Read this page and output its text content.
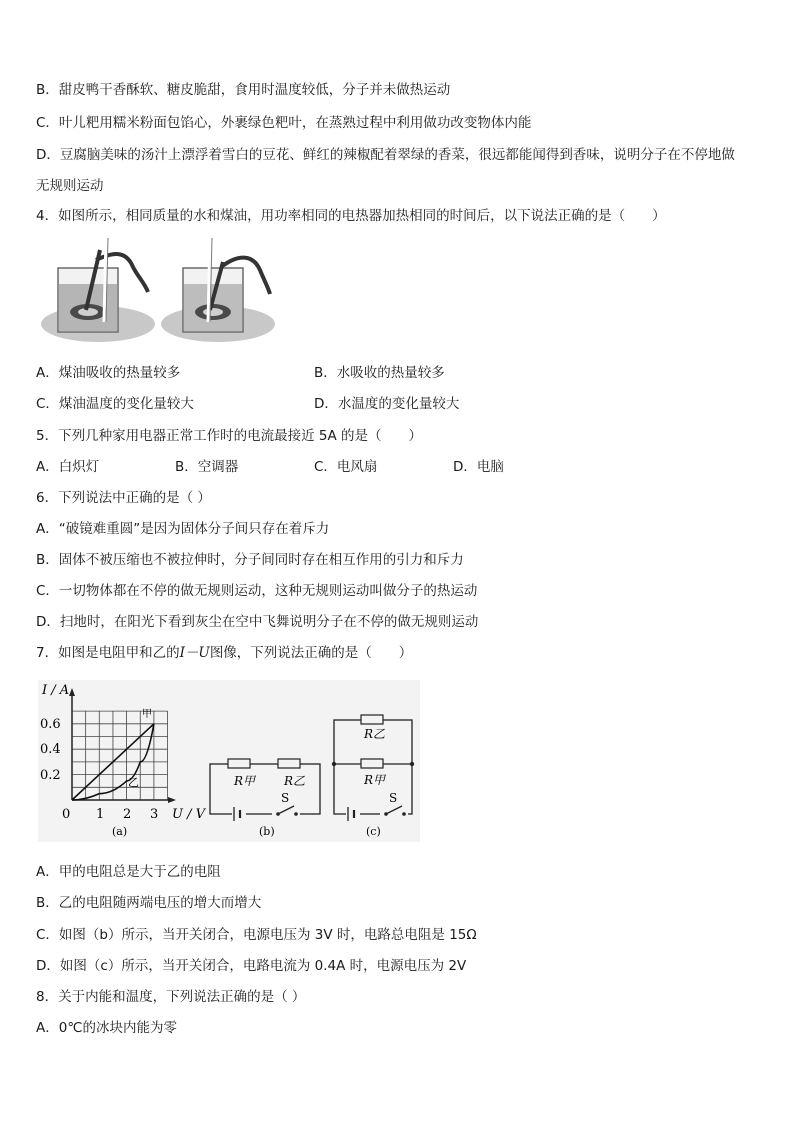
B．甜皮鸭干香酥软、糖皮脆甜，食用时温度较低，分子并未做热运动
C．叶儿粑用糯米粉面包馅心，外裹绿色粑叶，在蒸熟过程中利用做功改变物体内能
D．豆腐脑美味的汤汁上漂浮着雪白的豆花、鲜红的辣椒配着翠绿的香菜，很远都能闻得到香味，说明分子在不停地做
无规则运动
4．如图所示，相同质量的水和煤油，用功率相同的电热器加热相同的时间后，以下说法正确的是（　　）
A．煤油吸收的热量较多	B．水吸收的热量较多
C．煤油温度的变化量较大	D．水温度的变化量较大
5．下列几种家用电器正常工作时的电流最接近 5A 的是（　　）
A．白炽灯	B．空调器	C．电风扇	D．电脑
6．下列说法中正确的是（ ）
A．“破镜难重圆”是因为固体分子间只存在着斥力
B．固体不被压缩也不被拉伸时，分子间同时存在相互作用的引力和斥力
C．一切物体都在不停的做无规则运动，这种无规则运动叫做分子的热运动
D．扫地时，在阳光下看到灰尘在空中飞舞说明分子在不停的做无规则运动
7．如图是电阻甲和乙的I－U图像，下列说法正确的是（　　）
I / A
0.6
0.4
0.2
0 1 2 3 U / V
甲
乙
(a)
R甲 R乙
S
(b)
R乙
R甲
S
(c)
A．甲的电阻总是大于乙的电阻
B．乙的电阻随两端电压的增大而增大
C．如图（b）所示，当开关闭合，电源电压为 3V 时，电路总电阻是 15Ω
D．如图（c）所示，当开关闭合，电路电流为 0.4A 时，电源电压为 2V
8．关于内能和温度，下列说法正确的是（ ）
A．0℃的冰块内能为零
